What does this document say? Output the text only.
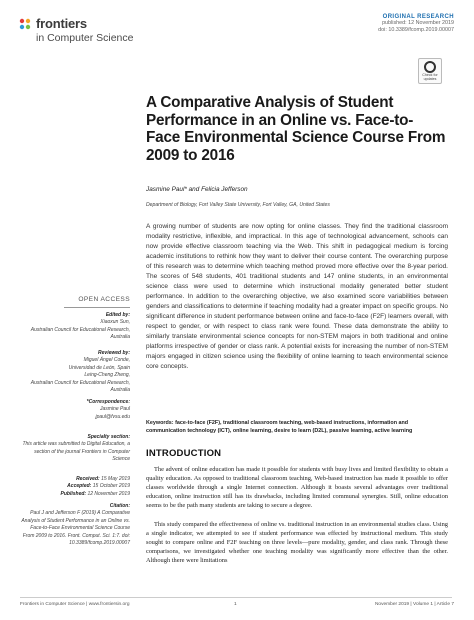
frontiers
in Computer Science
ORIGINAL RESEARCH
published: 12 November 2019
doi: 10.3389/fcomp.2019.00007
Check for
updates
A Comparative Analysis of Student Performance in an Online vs. Face-to-Face Environmental Science Course From 2009 to 2016
Jasmine Paul* and Felicia Jefferson
Department of Biology, Fort Valley State University, Fort Valley, GA, United States
A growing number of students are now opting for online classes. They find the traditional classroom modality restrictive, inflexible, and impractical. In this age of technological advancement, schools can now provide effective classroom teaching via the Web. This shift in pedagogical medium is forcing academic institutions to rethink how they want to deliver their course content. The overarching purpose of this research was to determine which teaching method proved more effective over the 8-year period. The scores of 548 students, 401 traditional students and 147 online students, in an environmental science class were used to determine which instructional modality generated better student performance. In addition to the overarching objective, we also examined score variabilities between genders and classifications to determine if teaching modality had a greater impact on specific groups. No significant difference in student performance between online and face-to-face (F2F) learners overall, with respect to gender, or with respect to class rank were found. These data demonstrate the ability to similarly translate environmental science concepts for non-STEM majors in both traditional and online platforms irrespective of gender or class rank. A potential exists for increasing the number of non-STEM majors engaged in citizen science using the flexibility of online learning to teach environmental science core concepts.
Keywords: face-to-face (F2F), traditional classroom teaching, web-based instructions, information and communication technology (ICT), online learning, desire to learn (D2L), passive learning, active learning
INTRODUCTION
The advent of online education has made it possible for students with busy lives and limited flexibility to obtain a quality education. As opposed to traditional classroom teaching, Web-based instruction has made it possible to offer classes worldwide through a single Internet connection. Although it boasts several advantages over traditional education, online instruction still has its drawbacks, including limited communal synergies. Still, online education seems to be the path many students are taking to secure a degree.
This study compared the effectiveness of online vs. traditional instruction in an environmental studies class. Using a single indicator, we attempted to see if student performance was effected by instructional medium. This study sought to compare online and F2F teaching on three levels—pure modality, gender, and class rank. Through these comparisons, we investigated whether one teaching modality was significantly more effective than the other. Although there were limitations
OPEN ACCESS
Edited by:
Xiaoxun Sun,
Australian Council for Educational Research, Australia
Reviewed by:
Miguel Ángel Conde,
Universidad de León, Spain
Leing-Cheng Zheng,
Australian Council for Educational Research, Australia
*Correspondence:
Jasmine Paul
jpaul@fvsu.edu
Specialty section:
This article was submitted to Digital Education, a section of the journal Frontiers in Computer Science
Received: 15 May 2019
Accepted: 15 October 2019
Published: 12 November 2019
Citation:
Paul J and Jefferson F (2019) A Comparative Analysis of Student Performance in an Online vs. Face-to-Face Environmental Science Course From 2009 to 2016. Front. Comput. Sci. 1:7. doi: 10.3389/fcomp.2019.00007
Frontiers in Computer Science | www.frontiersin.org	1	November 2019 | Volume 1 | Article 7
